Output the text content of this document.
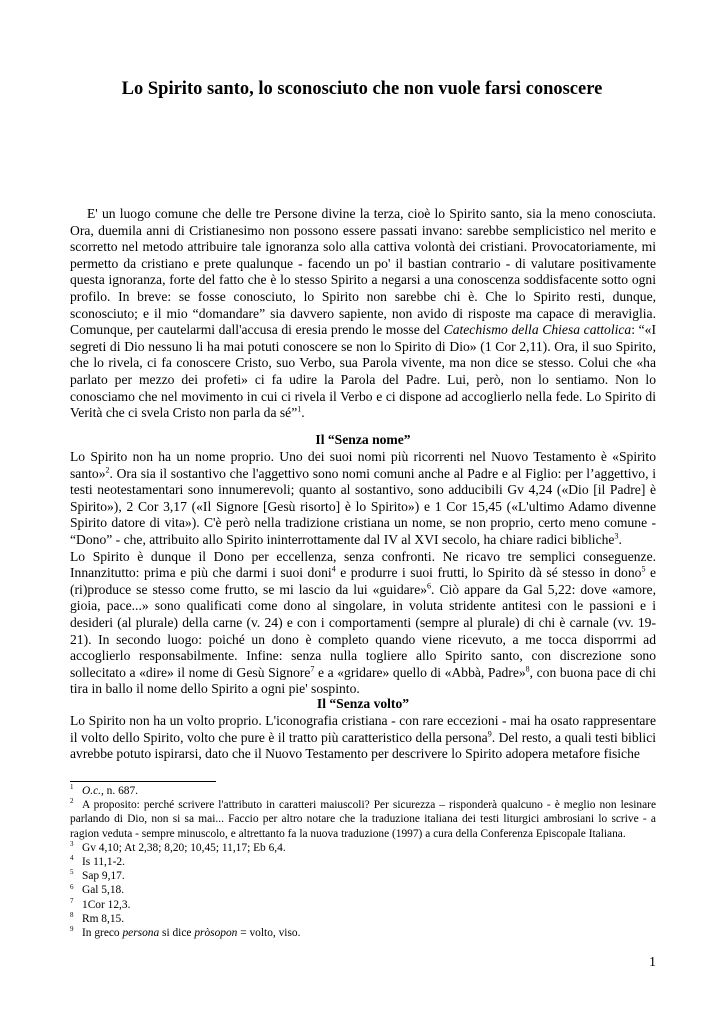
Lo Spirito santo, lo sconosciuto che non vuole farsi conoscere

E' un luogo comune che delle tre Persone divine la terza, cioè lo Spirito santo, sia la meno conosciuta. Ora, duemila anni di Cristianesimo non possono essere passati invano: sarebbe semplicistico nel merito e scorretto nel metodo attribuire tale ignoranza solo alla cattiva volontà dei cristiani. Provocatoriamente, mi permetto da cristiano e prete qualunque - facendo un po' il bastian contrario - di valutare positivamente questa ignoranza, forte del fatto che è lo stesso Spirito a negarsi a una conoscenza soddisfacente sotto ogni profilo. In breve: se fosse conosciuto, lo Spirito non sarebbe chi è. Che lo Spirito resti, dunque, sconosciuto; e il mio “domandare” sia davvero sapiente, non avido di risposte ma capace di meraviglia. Comunque, per cautelarmi dall'accusa di eresia prendo le mosse del Catechismo della Chiesa cattolica: “«I segreti di Dio nessuno li ha mai potuti conoscere se non lo Spirito di Dio» (1 Cor 2,11). Ora, il suo Spirito, che lo rivela, ci fa conoscere Cristo, suo Verbo, sua Parola vivente, ma non dice se stesso. Colui che «ha parlato per mezzo dei profeti» ci fa udire la Parola del Padre. Lui, però, non lo sentiamo. Non lo conosciamo che nel movimento in cui ci rivela il Verbo e ci dispone ad accoglierlo nella fede. Lo Spirito di Verità che ci svela Cristo non parla da sé”$^1$.

Il “Senza nome”

Lo Spirito non ha un nome proprio. Uno dei suoi nomi più ricorrenti nel Nuovo Testamento è «Spirito santo»$^2$. Ora sia il sostantivo che l'aggettivo sono nomi comuni anche al Padre e al Figlio: per l’aggettivo, i testi neotestamentari sono innumerevoli; quanto al sostantivo, sono adducibili Gv 4,24 («Dio [il Padre] è Spirito»), 2 Cor 3,17 («Il Signore [Gesù risorto] è lo Spirito») e 1 Cor 15,45 («L'ultimo Adamo divenne Spirito datore di vita»). C'è però nella tradizione cristiana un nome, se non proprio, certo meno comune - “Dono” - che, attribuito allo Spirito ininterrottamente dal IV al XVI secolo, ha chiare radici bibliche$^3$.

Lo Spirito è dunque il Dono per eccellenza, senza confronti. Ne ricavo tre semplici conseguenze. Innanzitutto: prima e più che darmi i suoi doni$^4$ e produrre i suoi frutti, lo Spirito dà sé stesso in dono$^5$ e (ri)produce se stesso come frutto, se mi lascio da lui «guidare»$^6$. Ciò appare da Gal 5,22: dove «amore, gioia, pace...» sono qualificati come dono al singolare, in voluta stridente antitesi con le passioni e i desideri (al plurale) della carne (v. 24) e con i comportamenti (sempre al plurale) di chi è carnale (vv. 19-21). In secondo luogo: poiché un dono è completo quando viene ricevuto, a me tocca disporrmi ad accoglierlo responsabilmente. Infine: senza nulla togliere allo Spirito santo, con discrezione sono sollecitato a «dire» il nome di Gesù Signore$^7$ e a «gridare» quello di «Abbà, Padre»$^8$, con buona pace di chi tira in ballo il nome dello Spirito a ogni pie' sospinto.

Il “Senza volto”

Lo Spirito non ha un volto proprio. L'iconografia cristiana - con rare eccezioni - mai ha osato rappresentare il volto dello Spirito, volto che pure è il tratto più caratteristico della persona$^9$. Del resto, a quali testi biblici avrebbe potuto ispirarsi, dato che il Nuovo Testamento per descrivere lo Spirito adopera metafore fisiche

$^1$ O.c., n. 687.

$^2$ A proposito: perché scrivere l'attributo in caratteri maiuscoli? Per sicurezza – risponderà qualcuno - è meglio non lesinare parlando di Dio, non si sa mai... Faccio per altro notare che la traduzione italiana dei testi liturgici ambrosiani lo scrive - a ragion veduta - sempre minuscolo, e altrettanto fa la nuova traduzione (1997) a cura della Conferenza Episcopale Italiana.

$^3$ Gv 4,10; At 2,38; 8,20; 10,45; 11,17; Eb 6,4.

$^4$ Is 11,1-2.

$^5$ Sap 9,17.

$^6$ Gal 5,18.

$^7$ 1Cor 12,3.

$^8$ Rm 8,15.

$^9$ In greco persona si dice pròsopon = volto, viso.

1
